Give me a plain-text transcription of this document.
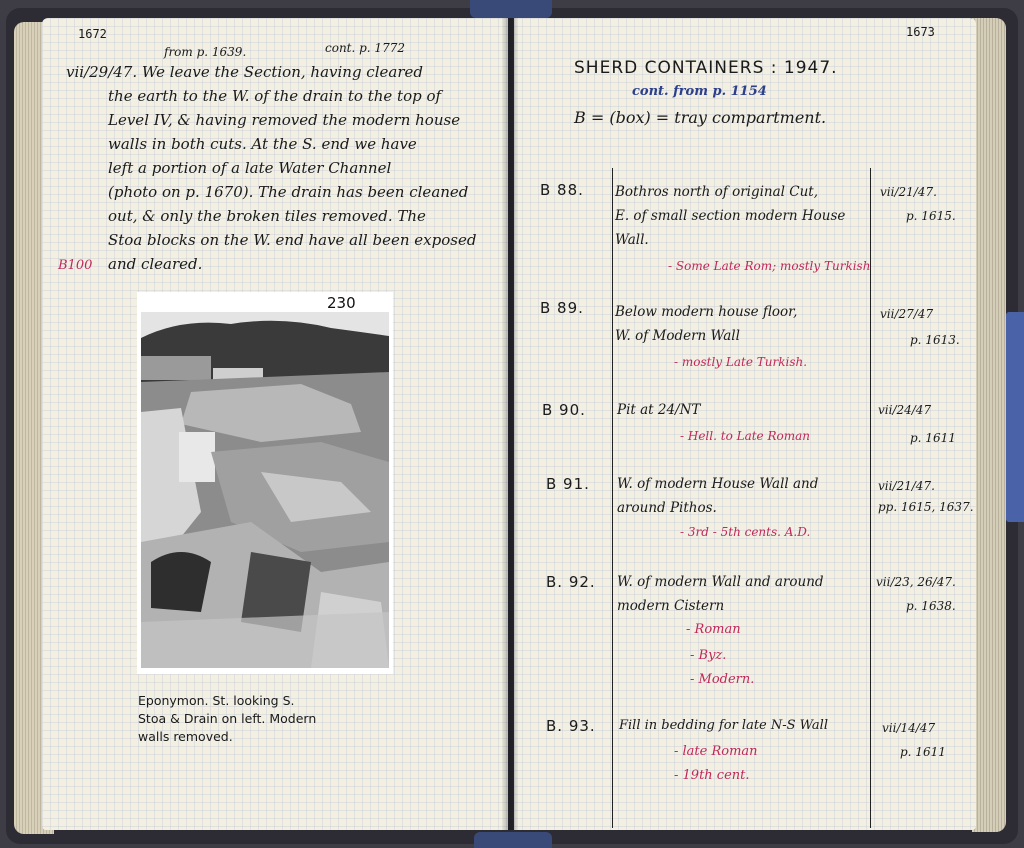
1672
from p. 1639.	cont. p. 1772
vii/29/47. We leave the Section, having cleared
the earth to the W. of the drain to the top of
Level IV, & having removed the modern house
walls in both cuts. At the S. end we have
left a portion of a late Water Channel
(photo on p. 1670). The drain has been cleaned
out, & only the broken tiles removed. The
Stoa blocks on the W. end have all been exposed
and cleared.
B100
230
Eponymon. St. looking S.
Stoa & Drain on left. Modern
walls removed.
1673
SHERD CONTAINERS : 1947.
cont. from p. 1154
B = (box) = tray compartment.
B 88. Bothros north of original Cut,
E. of small section modern House
Wall.
- Some Late Rom; mostly Turkish
vii/21/47.
p. 1615.
B 89. Below modern house floor,
W. of Modern Wall
- mostly Late Turkish.
vii/27/47
p. 1613.
B 90. Pit at 24/NT
- Hell. to Late Roman
vii/24/47
p. 1611
B 91. W. of modern House Wall and
around Pithos.
- 3rd - 5th cents. A.D.
vii/21/47.
pp. 1615, 1637.
B. 92. W. of modern Wall and around
modern Cistern
- Roman
- Byz.
- Modern.
vii/23, 26/47.
p. 1638.
B. 93. Fill in bedding for late N-S Wall
- late Roman
- 19th cent.
vii/14/47
p. 1611
